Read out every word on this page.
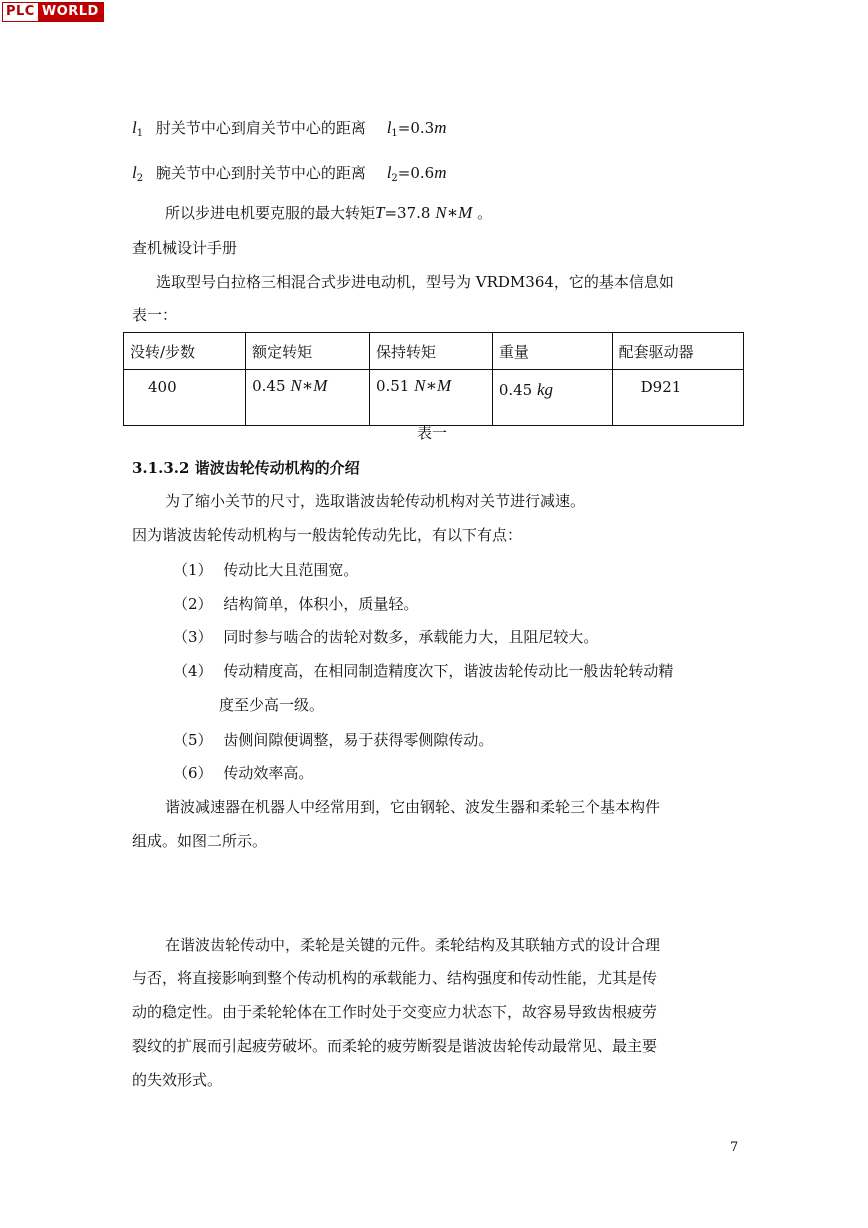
PLC WORLD
$l_1$ 肘关节中心到肩关节中心的距离 $l_1=0.3m$
$l_2$ 腕关节中心到肘关节中心的距离 $l_2=0.6m$
所以步进电机要克服的最大转矩T=37.8 N∗M 。
查机械设计手册
选取型号白拉格三相混合式步进电动机，型号为 VRDM364，它的基本信息如
表一：
没转/步数	额定转矩	保持转矩	重量	配套驱动器
400	0.45 N∗M	0.51 N∗M	0.45 kg	D921
表一
3.1.3.2 谐波齿轮传动机构的介绍
为了缩小关节的尺寸，选取谐波齿轮传动机构对关节进行减速。
因为谐波齿轮传动机构与一般齿轮传动先比，有以下有点：
（1） 传动比大且范围宽。
（2） 结构简单，体积小，质量轻。
（3） 同时参与啮合的齿轮对数多，承载能力大，且阻尼较大。
（4） 传动精度高，在相同制造精度次下，谐波齿轮传动比一般齿轮转动精
度至少高一级。
（5） 齿侧间隙便调整，易于获得零侧隙传动。
（6） 传动效率高。
谐波减速器在机器人中经常用到，它由钢轮、波发生器和柔轮三个基本构件
组成。如图二所示。
在谐波齿轮传动中，柔轮是关键的元件。柔轮结构及其联轴方式的设计合理
与否，将直接影响到整个传动机构的承载能力、结构强度和传动性能，尤其是传
动的稳定性。由于柔轮轮体在工作时处于交变应力状态下，故容易导致齿根疲劳
裂纹的扩展而引起疲劳破坏。而柔轮的疲劳断裂是谐波齿轮传动最常见、最主要
的失效形式。
7
